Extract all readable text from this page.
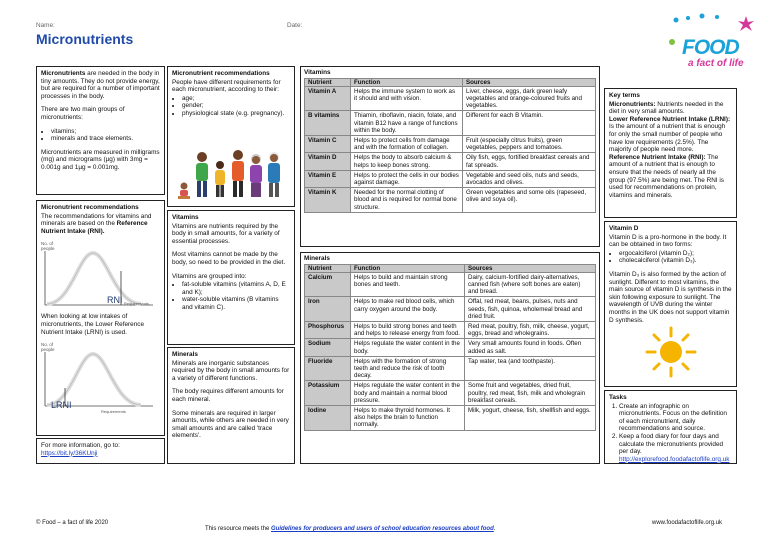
Name:	Date:
Micronutrients	FOOD
a fact of life

Micronutrients are needed in the body in tiny amounts. They do not provide energy, but are required for a number of important processes in the body.

There are two main groups of micronutrients:

• vitamins;
• minerals and trace elements.

Micronutrients are measured in milligrams (mg) and micrograms (µg) with 3mg = 0.001g and 1µg = 0.001mg.

Micronutrient recommendations

People have different requirements for each micronutrient, according to their:

• age;
• gender;
• physiological state (e.g. pregnancy).
Micronutrient recommendations

The recommendations for vitamins and minerals are based on the Reference Nutrient Intake (RNI).

No. of people
RNI Requirements

When looking at low intakes of micronutrients, the Lower Reference Nutrient Intake (LRNI) is used.

No. of people
LRNI
Requirements
For more information, go to:
https://bit.ly/36KUnji
Vitamins

Vitamins are nutrients required by the body in small amounts, for a variety of essential processes.

Most vitamins cannot be made by the body, so need to be provided in the diet.

Vitamins are grouped into:

• fat-soluble vitamins (vitamins A, D, E and K);
• water-soluble vitamins (B vitamins and vitamin C).
Minerals

Minerals are inorganic substances required by the body in small amounts for a variety of different functions.

The body requires different amounts for each mineral.

Some minerals are required in larger amounts, while others are needed in very small amounts and are called 'trace elements'.

Vitamins
Nutrient	Function	Sources
Vitamin A	Helps the immune system to work as it should and with vision.	Liver, cheese, eggs, dark green leafy vegetables and orange-coloured fruits and vegetables.
B vitamins	Thiamin, riboflavin, niacin, folate, and vitamin B12 have a range of functions within the body.	Different for each B Vitamin.
Vitamin C	Helps to protect cells from damage and with the formation of collagen.	Fruit (especially citrus fruits), green vegetables, peppers and tomatoes.
Vitamin D	Helps the body to absorb calcium & helps to keep bones strong.	Oily fish, eggs, fortified breakfast cereals and fat spreads.
Vitamin E	Helps to protect the cells in our bodies against damage.	Vegetable and seed oils, nuts and seeds, avocados and olives.
Vitamin K	Needed for the normal clotting of blood and is required for normal bone structure.	Green vegetables and some oils (rapeseed, olive and soya oil).
Minerals
Nutrient	Function	Sources
Calcium	Helps to build and maintain strong bones and teeth.	Dairy, calcium-fortified dairy-alternatives, canned fish (where soft bones are eaten) and bread.
Iron	Helps to make red blood cells, which carry oxygen around the body.	Offal, red meat, beans, pulses, nuts and seeds, fish, quinoa, wholemeal bread and dried fruit.
Phosphorus	Helps to build strong bones and teeth and helps to release energy from food.	Red meat, poultry, fish, milk, cheese, yogurt, eggs, bread and wholegrains.
Sodium	Helps regulate the water content in the body.	Very small amounts found in foods. Often added as salt.
Fluoride	Helps with the formation of strong teeth and reduce the risk of tooth decay.	Tap water, tea (and toothpaste).
Potassium	Helps regulate the water content in the body and maintain a normal blood pressure.	Some fruit and vegetables, dried fruit, poultry, red meat, fish, milk and wholegrain breakfast cereals.
Iodine	Helps to make thyroid hormones. It also helps the brain to function normally.	Milk, yogurt, cheese, fish, shellfish and eggs.
Key terms
Micronutrients: Nutrients needed in the diet in very small amounts.
Lower Reference Nutrient Intake (LRNI): Is the amount of a nutrient that is enough for only the small number of people who have low requirements (2.5%). The majority of people need more.
Reference Nutrient Intake (RNI): The amount of a nutrient that is enough to ensure that the needs of nearly all the group (97.5%) are being met. The RNI is used for recommendations on protein, vitamins and minerals.
Vitamin D

Vitamin D is a pro-hormone in the body. It can be obtained in two forms:

• ergocalciferol (vitamin D₂);
• cholecalciferol (vitamin D₃).

Vitamin D₃ is also formed by the action of sunlight. Different to most vitamins, the main source of vitamin D is synthesis in the skin following exposure to sunlight. The wavelength of UVB during the winter months in the UK does not support vitamin D synthesis.

Tasks
1. Create an infographic on micronutrients. Focus on the definition of each micronutrient, daily recommendations and source.
2. Keep a food diary for four days and calculate the micronutrients provided per day.
http://explorefood.foodafactoflife.org.uk
© Food – a fact of life 2020
This resource meets the Guidelines for producers and users of school education resources about food.
www.foodafactoflife.org.uk
